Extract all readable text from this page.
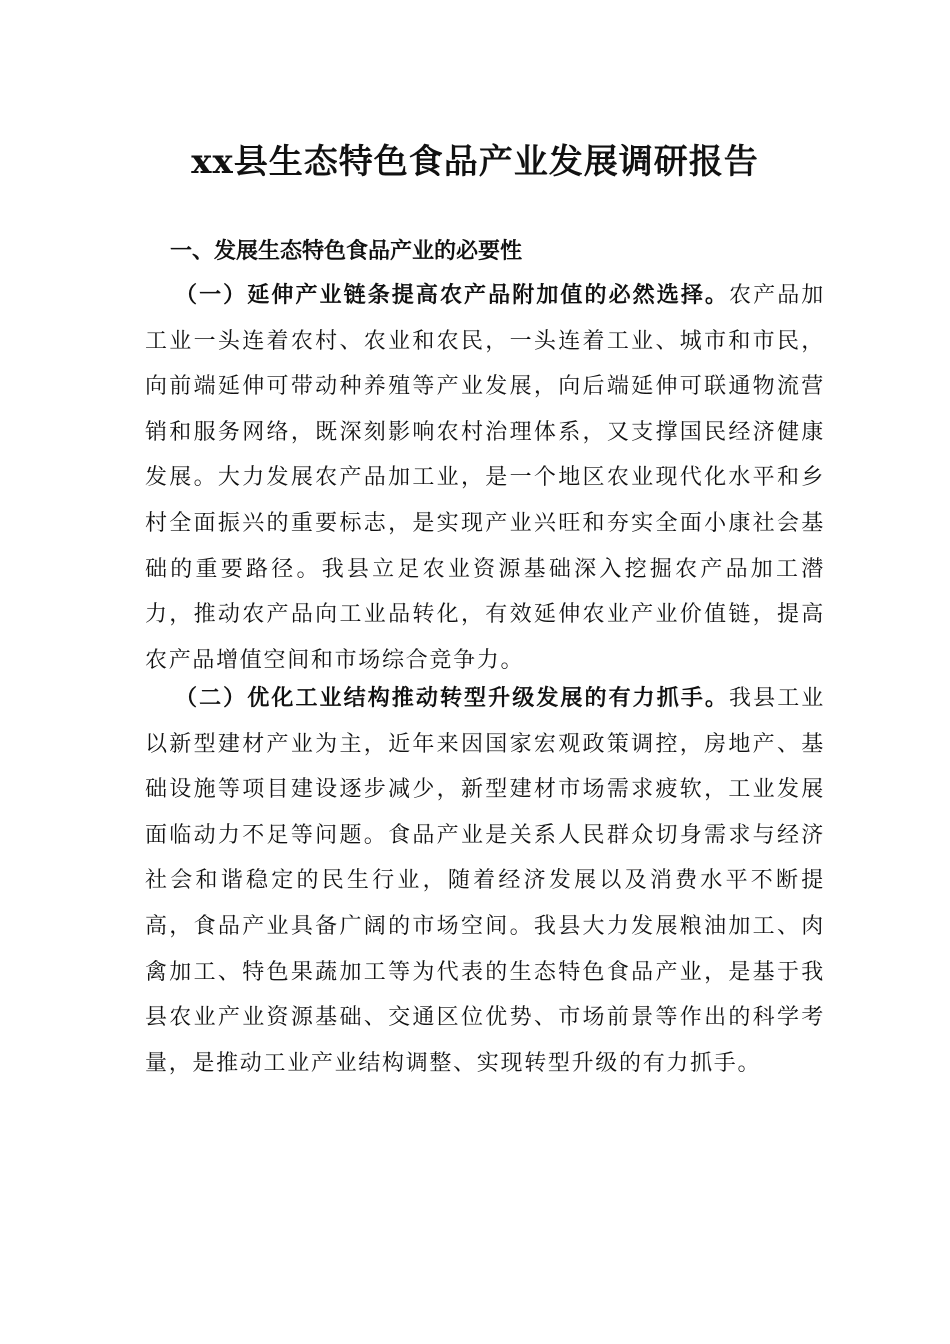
xx县生态特色食品产业发展调研报告
一、发展生态特色食品产业的必要性

（一）延伸产业链条提高农产品附加值的必然选择。农产品加工业一头连着农村、农业和农民，一头连着工业、城市和市民，向前端延伸可带动种养殖等产业发展，向后端延伸可联通物流营销和服务网络，既深刻影响农村治理体系，又支撑国民经济健康发展。大力发展农产品加工业，是一个地区农业现代化水平和乡村全面振兴的重要标志，是实现产业兴旺和夯实全面小康社会基础的重要路径。我县立足农业资源基础深入挖掘农产品加工潜力，推动农产品向工业品转化，有效延伸农业产业价值链，提高农产品增值空间和市场综合竞争力。

（二）优化工业结构推动转型升级发展的有力抓手。我县工业以新型建材产业为主，近年来因国家宏观政策调控，房地产、基础设施等项目建设逐步减少，新型建材市场需求疲软，工业发展面临动力不足等问题。食品产业是关系人民群众切身需求与经济社会和谐稳定的民生行业，随着经济发展以及消费水平不断提高，食品产业具备广阔的市场空间。我县大力发展粮油加工、肉禽加工、特色果蔬加工等为代表的生态特色食品产业，是基于我县农业产业资源基础、交通区位优势、市场前景等作出的科学考量，是推动工业产业结构调整、实现转型升级的有力抓手。
